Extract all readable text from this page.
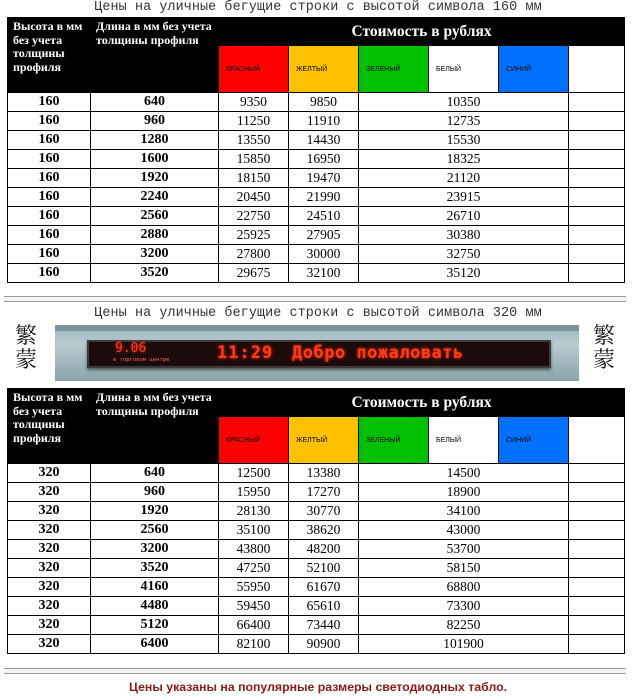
Цены на уличные бегущие строки с высотой символа 160 мм
Высота в мм без учета толщины профиля	Длина в мм без учета толщины профиля	Стоимость в рублях					
		КРАСНЫЙ	ЖЕЛТЫЙ	ЗЕЛЕНЫЙ	БЕЛЫЙ	СИНИЙ	
160	640	9350	9850	10350			
160	960	11250	11910	12735			
160	1280	13550	14430	15530			
160	1600	15850	16950	18325			
160	1920	18150	19470	21120			
160	2240	20450	21990	23915			
160	2560	22750	24510	26710			
160	2880	25925	27905	30380			
160	3200	27800	30000	32750			
160	3520	29675	32100	35120			
Цены на уличные бегущие строки с высотой символа 320 мм
繁
蒙
繁
蒙
9.06
в торговом центре	11:29 Добро пожаловать
Высота в мм без учета толщины профиля	Длина в мм без учета толщины профиля	Стоимость в рублях					
		КРАСНЫЙ	ЖЕЛТЫЙ	ЗЕЛЕНЫЙ	БЕЛЫЙ	СИНИЙ	
320	640	12500	13380	14500			
320	960	15950	17270	18900			
320	1920	28130	30770	34100			
320	2560	35100	38620	43000			
320	3200	43800	48200	53700			
320	3520	47250	52100	58150			
320	4160	55950	61670	68800			
320	4480	59450	65610	73300			
320	5120	66400	73440	82250			
320	6400	82100	90900	101900			
Цены указаны на популярные размеры светодиодных табло.
